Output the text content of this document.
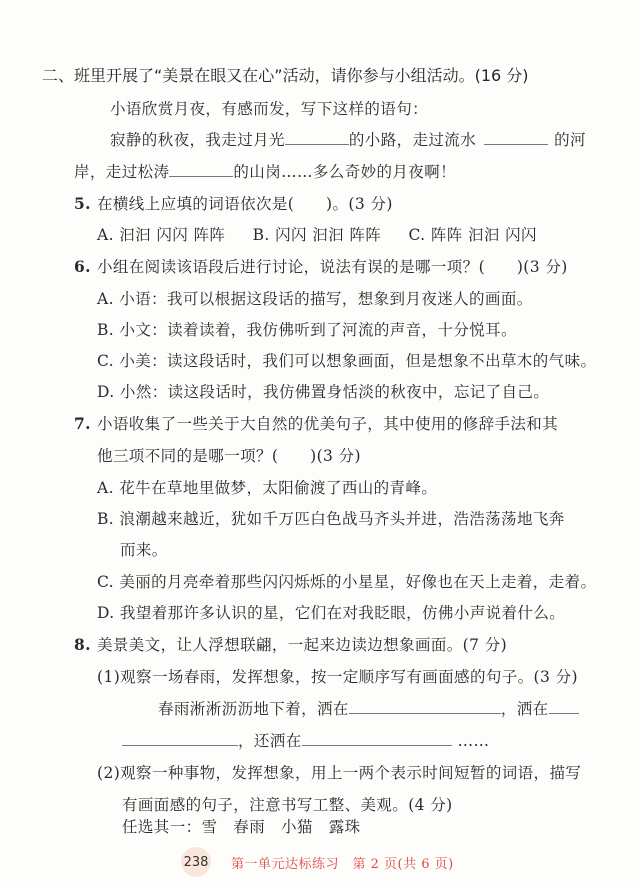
二、班里开展了“美景在眼又在心”活动，请你参与小组活动。(16 分)
小语欣赏月夜，有感而发，写下这样的语句：
寂静的秋夜，我走过月光	的小路，走过流水	的河
岸，走过松涛	的山岗……多么奇妙的月夜啊！
5. 在横线上应填的词语依次是(　　)。(3 分)
A. 汩汩 闪闪 阵阵 B. 闪闪 汩汩 阵阵 C. 阵阵 汩汩 闪闪
6. 小组在阅读该语段后进行讨论，说法有误的是哪一项？(　　)(3 分)
A. 小语：我可以根据这段话的描写，想象到月夜迷人的画面。
B. 小文：读着读着，我仿佛听到了河流的声音，十分悦耳。
C. 小美：读这段话时，我们可以想象画面，但是想象不出草木的气味。
D. 小然：读这段话时，我仿佛置身恬淡的秋夜中，忘记了自己。
7. 小语收集了一些关于大自然的优美句子，其中使用的修辞手法和其
他三项不同的是哪一项？(　　)(3 分)
A. 花牛在草地里做梦，太阳偷渡了西山的青峰。
B. 浪潮越来越近，犹如千万匹白色战马齐头并进，浩浩荡荡地飞奔
而来。
C. 美丽的月亮牵着那些闪闪烁烁的小星星，好像也在天上走着，走着。
D. 我望着那许多认识的星，它们在对我眨眼，仿佛小声说着什么。
8. 美景美文，让人浮想联翩，一起来边读边想象画面。(7 分)
(1)观察一场春雨，发挥想象，按一定顺序写有画面感的句子。(3 分)
春雨淅淅沥沥地下着，洒在	，洒在
，还洒在	……
(2)观察一种事物，发挥想象，用上一两个表示时间短暂的词语，描写
有画面感的句子，注意书写工整、美观。(4 分)
任选其一：雪　春雨　小猫　露珠
238 第一单元达标练习　第 2 页(共 6 页)
